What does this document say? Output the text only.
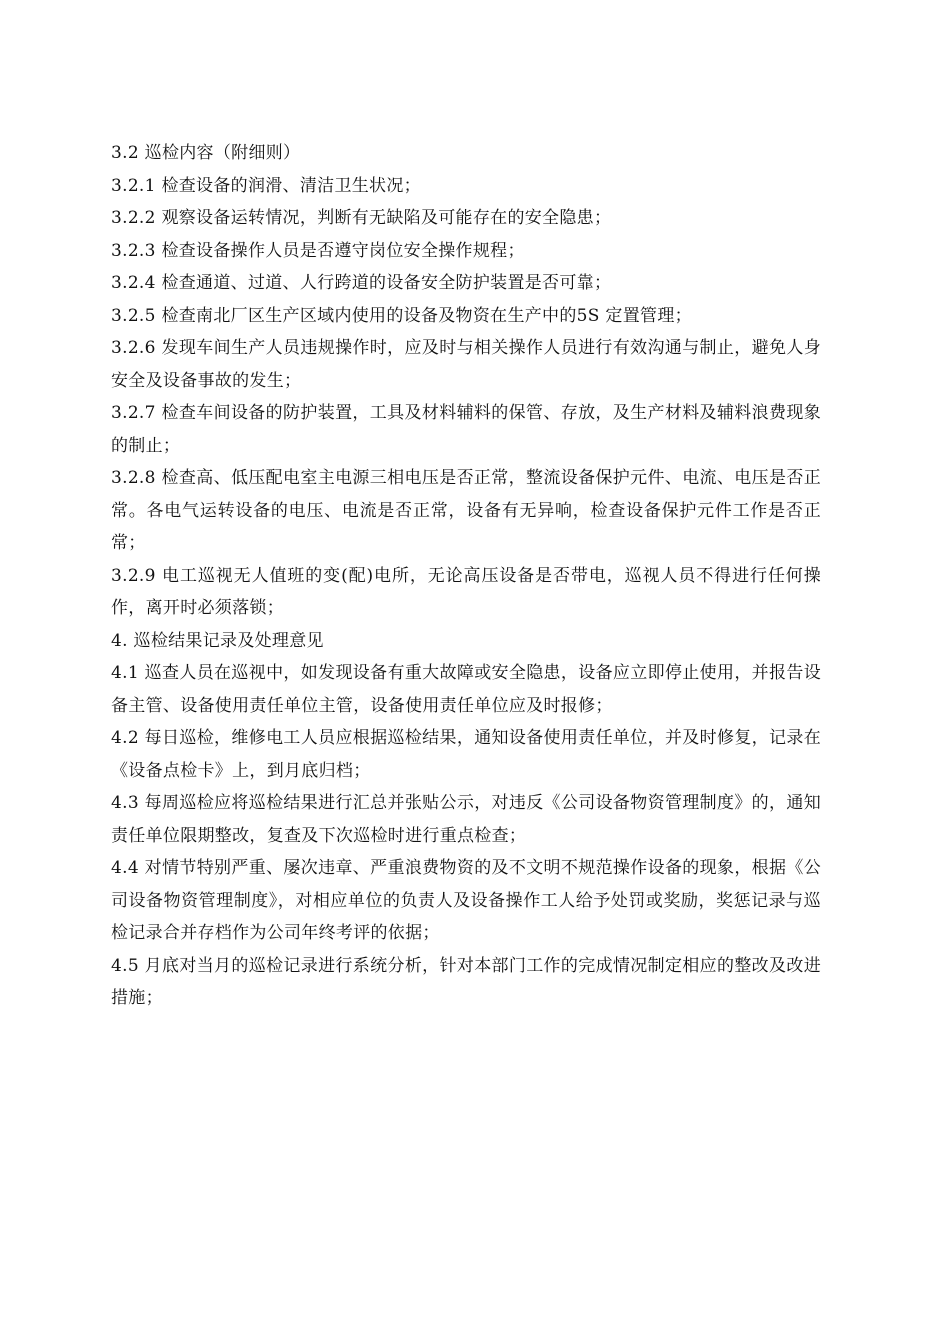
3.2 巡检内容（附细则）

3.2.1 检查设备的润滑、清洁卫生状况；

3.2.2 观察设备运转情况，判断有无缺陷及可能存在的安全隐患；

3.2.3 检查设备操作人员是否遵守岗位安全操作规程；

3.2.4 检查通道、过道、人行跨道的设备安全防护装置是否可靠；

3.2.5 检查南北厂区生产区域内使用的设备及物资在生产中的5S 定置管理；

3.2.6 发现车间生产人员违规操作时，应及时与相关操作人员进行有效沟通与制止，避免人身安全及设备事故的发生；

3.2.7 检查车间设备的防护装置，工具及材料辅料的保管、存放，及生产材料及辅料浪费现象的制止；

3.2.8 检查高、低压配电室主电源三相电压是否正常，整流设备保护元件、电流、电压是否正常。各电气运转设备的电压、电流是否正常，设备有无异响，检查设备保护元件工作是否正常；

3.2.9 电工巡视无人值班的变(配)电所，无论高压设备是否带电，巡视人员不得进行任何操作，离开时必须落锁；

4. 巡检结果记录及处理意见

4.1 巡查人员在巡视中，如发现设备有重大故障或安全隐患，设备应立即停止使用，并报告设备主管、设备使用责任单位主管，设备使用责任单位应及时报修；

4.2 每日巡检，维修电工人员应根据巡检结果，通知设备使用责任单位，并及时修复，记录在《设备点检卡》上，到月底归档；

4.3 每周巡检应将巡检结果进行汇总并张贴公示，对违反《公司设备物资管理制度》的，通知责任单位限期整改，复查及下次巡检时进行重点检查；

4.4 对情节特别严重、屡次违章、严重浪费物资的及不文明不规范操作设备的现象，根据《公司设备物资管理制度》，对相应单位的负责人及设备操作工人给予处罚或奖励，奖惩记录与巡检记录合并存档作为公司年终考评的依据；

4.5 月底对当月的巡检记录进行系统分析，针对本部门工作的完成情况制定相应的整改及改进措施；
